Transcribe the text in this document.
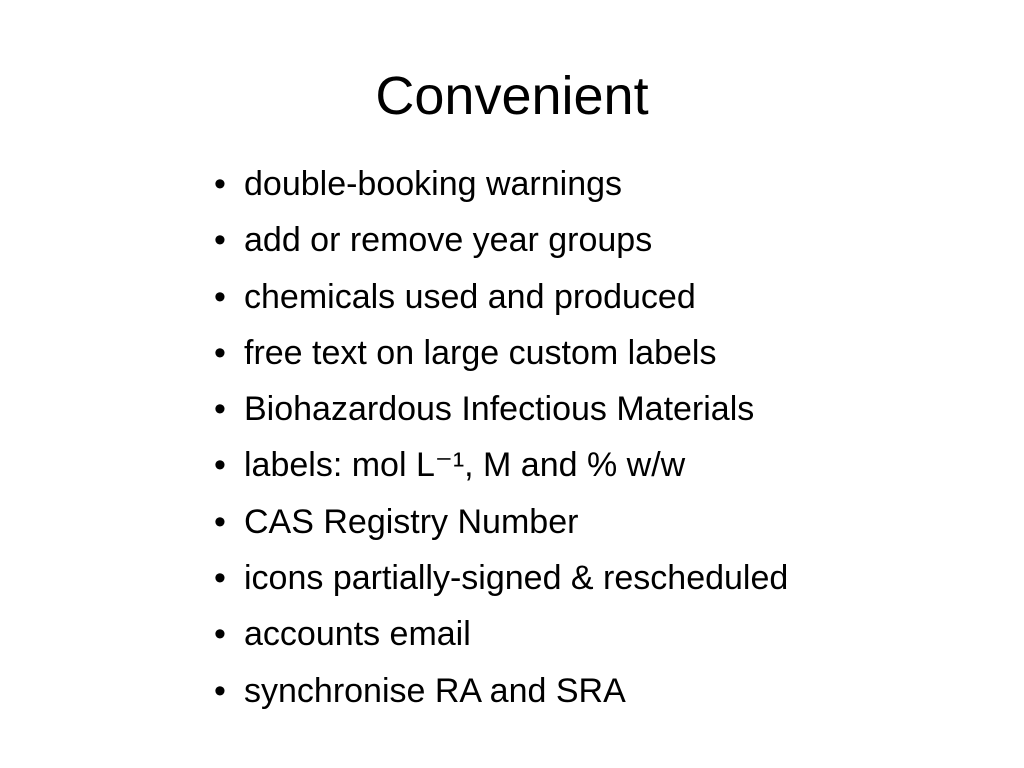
Convenient
• double-booking warnings
• add or remove year groups
• chemicals used and produced
• free text on large custom labels
• Biohazardous Infectious Materials
• labels: mol L⁻¹, M and % w/w
• CAS Registry Number
• icons partially-signed & rescheduled
• accounts email
• synchronise RA and SRA
